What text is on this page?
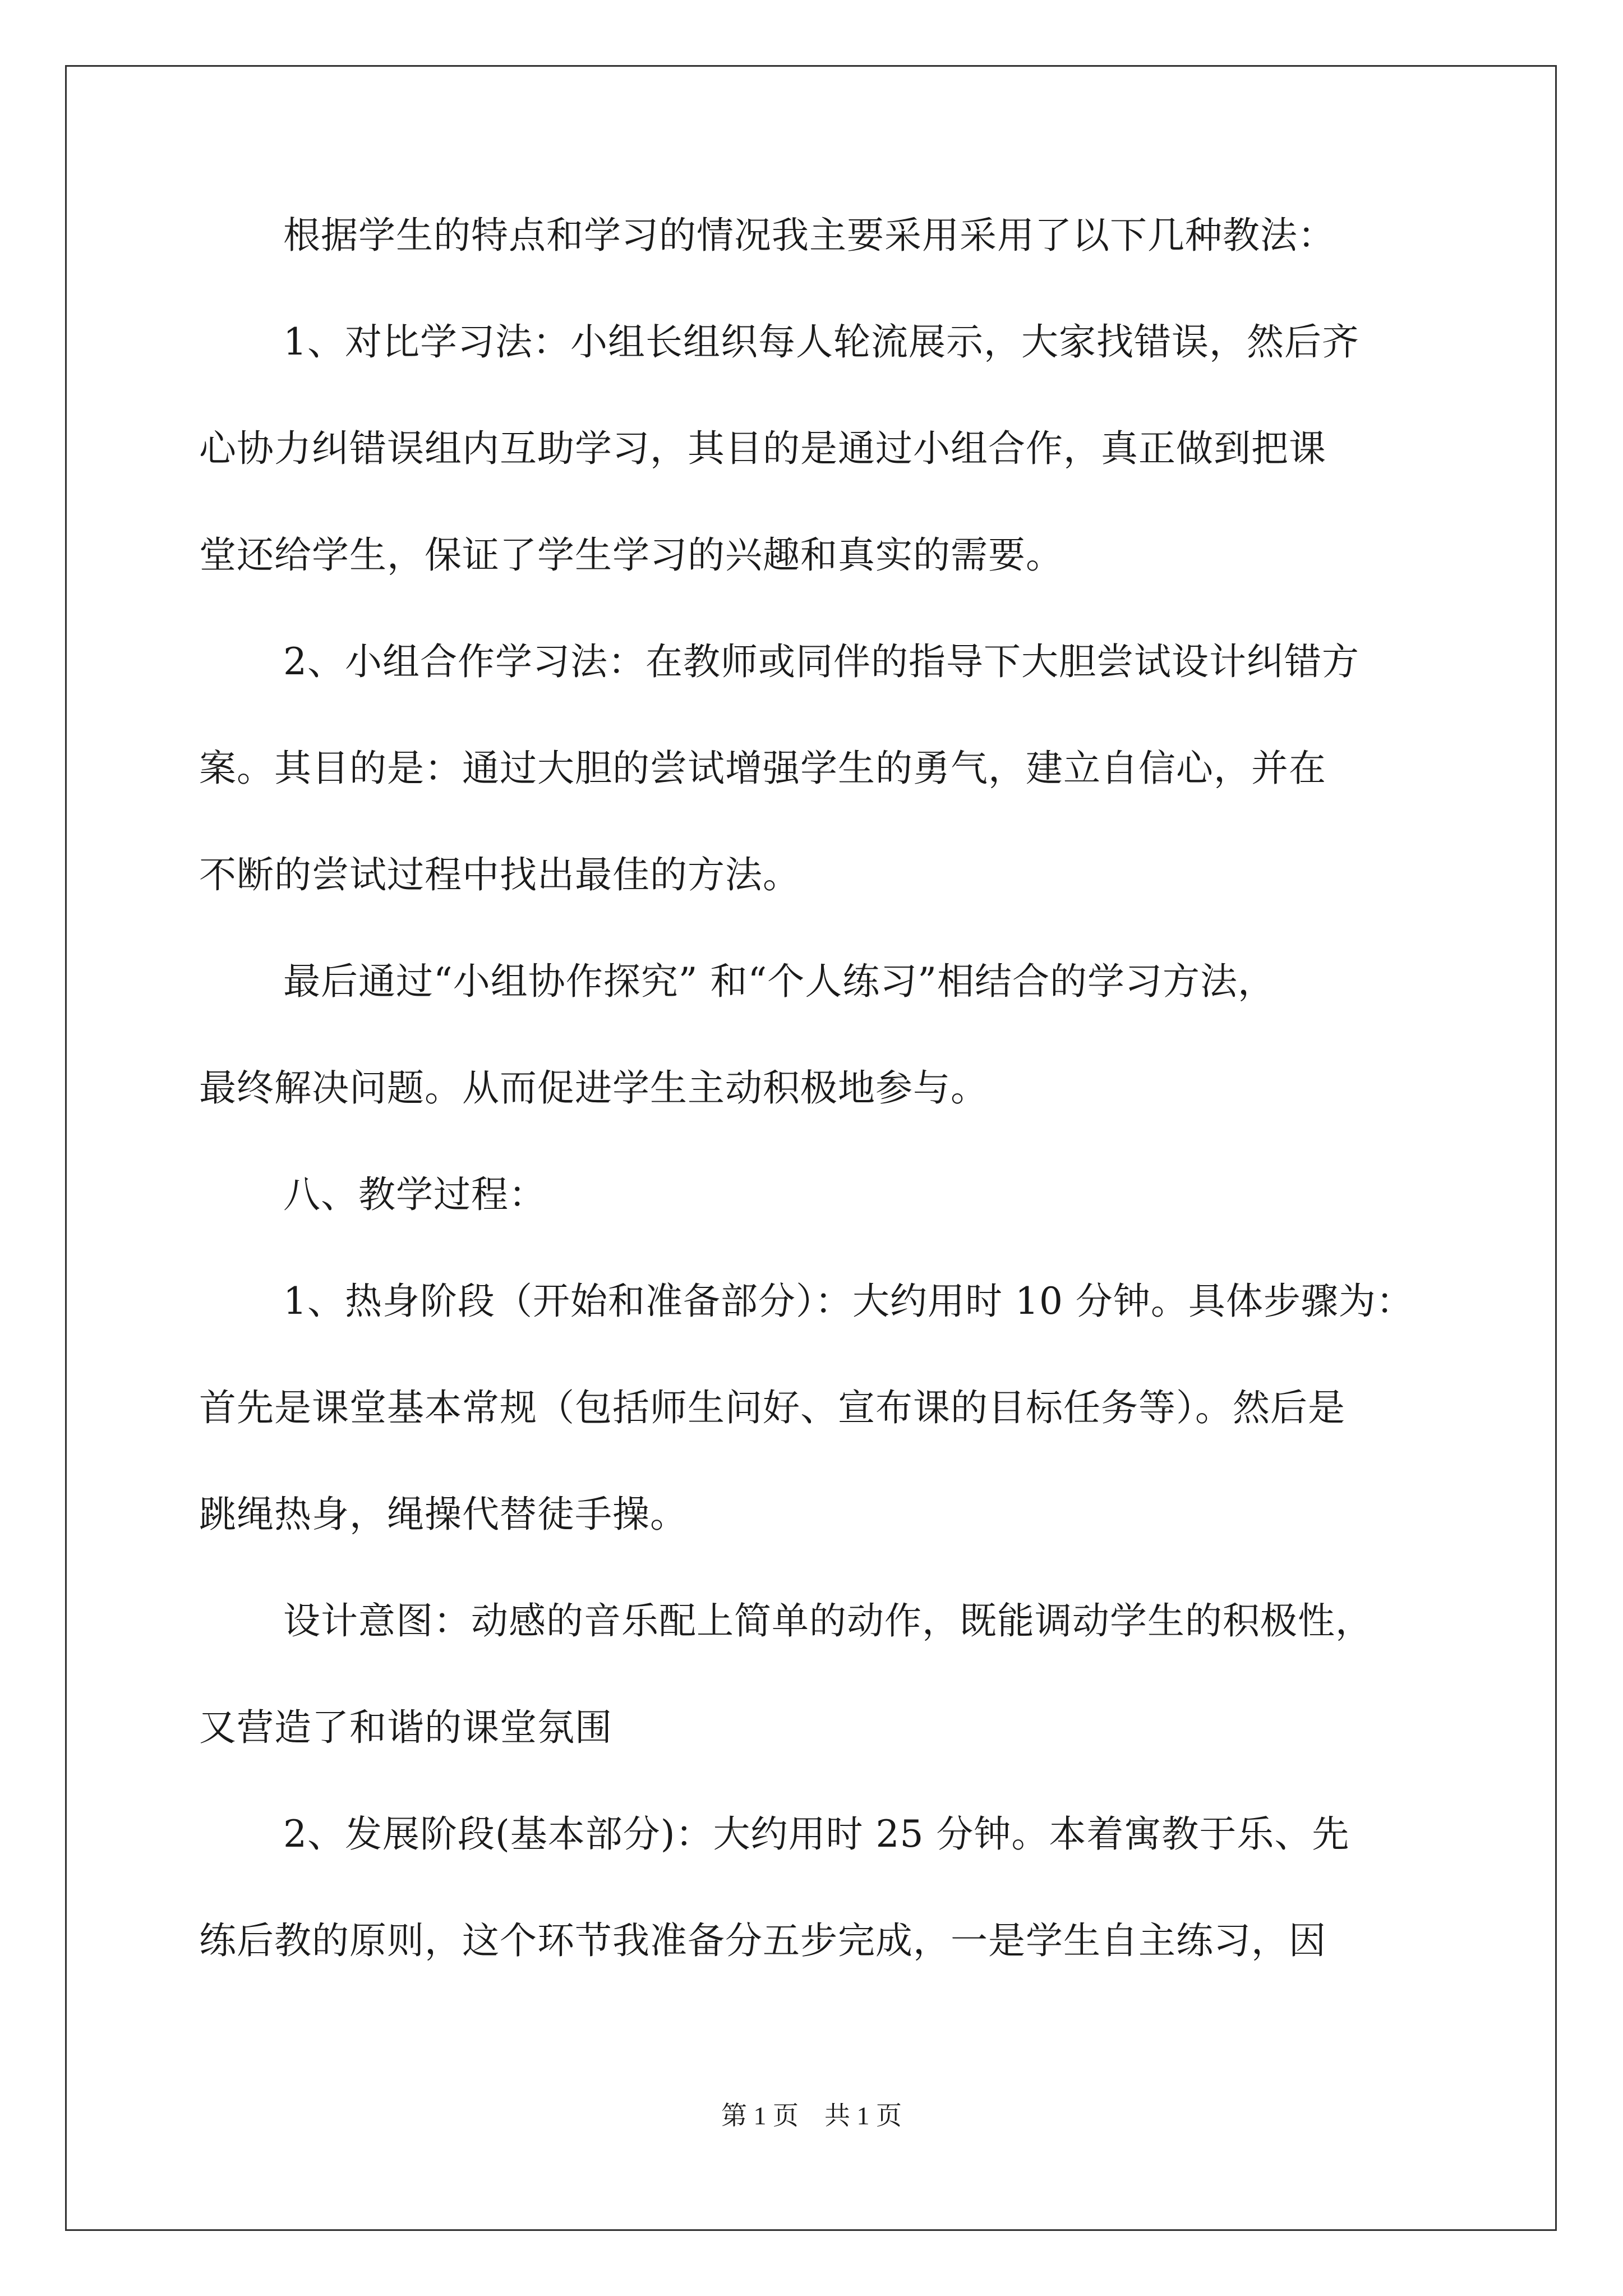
根据学生的特点和学习的情况我主要采用采用了以下几种教法：
1、对比学习法：小组长组织每人轮流展示，大家找错误，然后齐
心协力纠错误组内互助学习，其目的是通过小组合作，真正做到把课
堂还给学生，保证了学生学习的兴趣和真实的需要。
2、小组合作学习法：在教师或同伴的指导下大胆尝试设计纠错方
案。其目的是：通过大胆的尝试增强学生的勇气，建立自信心，并在
不断的尝试过程中找出最佳的方法。
最后通过“小组协作探究” 和“个人练习”相结合的学习方法，
最终解决问题。从而促进学生主动积极地参与。
八、教学过程：
1、热身阶段（开始和准备部分）：大约用时 10 分钟。具体步骤为：
首先是课堂基本常规（包括师生问好、宣布课的目标任务等）。然后是
跳绳热身，绳操代替徒手操。
设计意图：动感的音乐配上简单的动作，既能调动学生的积极性，
又营造了和谐的课堂氛围
2、发展阶段(基本部分)：大约用时 25 分钟。本着寓教于乐、先
练后教的原则，这个环节我准备分五步完成，一是学生自主练习，因
第 1 页　共 1 页
